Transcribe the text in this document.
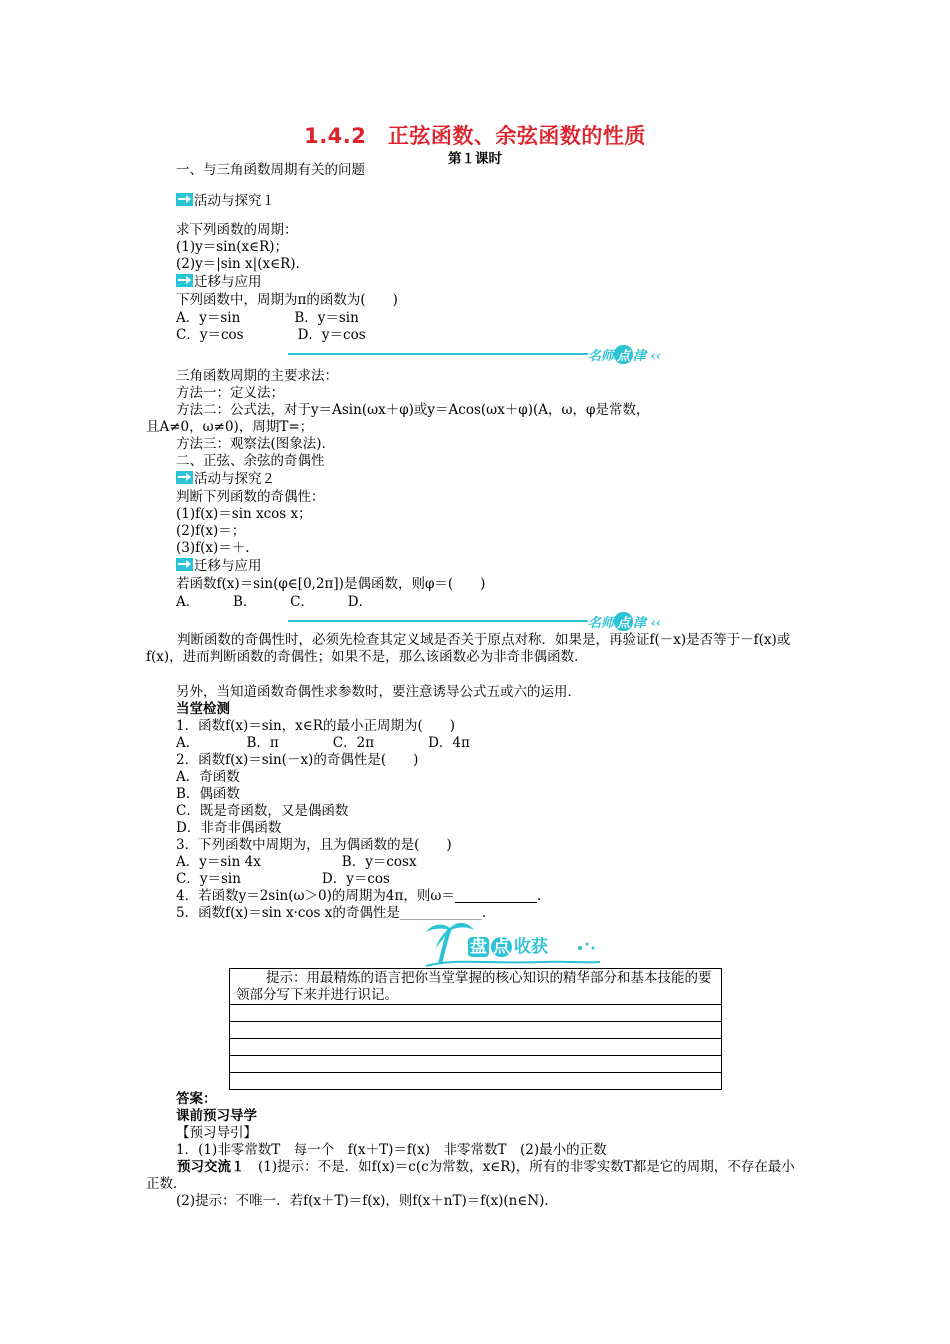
1.4.2　正弦函数、余弦函数的性质
第１课时
一、与三角函数周期有关的问题
活动与探究１
求下列函数的周期：
(1)y＝sin(x∈R)；
(2)y＝|sin x|(x∈R).
迁移与应用
下列函数中，周期为π的函数为(　　)
A．y＝sin　　　　B．y＝sin
C．y＝cos　　　　D．y＝cos
名师 点 津 ‹‹
三角函数周期的主要求法：
方法一：定义法；
方法二：公式法，对于y＝Asin(ωx＋φ)或y＝Acos(ωx＋φ)(A，ω，φ是常数，
且A≠0，ω≠0)，周期T=；
方法三：观察法(图象法).
二、正弦、余弦的奇偶性
活动与探究２
判断下列函数的奇偶性：
(1)f(x)＝sin xcos x；
(2)f(x)＝；
(3)f(x)＝＋.
迁移与应用
若函数f(x)＝sin(φ∈[0,2π])是偶函数，则φ＝(　　)
A．　　　B．　　　C．　　　D．
名师 点 津 ‹‹
判断函数的奇偶性时，必须先检查其定义域是否关于原点对称．如果是，再验证f(－x)是否等于－f(x)或f(x)，进而判断函数的奇偶性；如果不是，那么该函数必为非奇非偶函数．
另外，当知道函数奇偶性求参数时，要注意诱导公式五或六的运用．
当堂检测
1．函数f(x)＝sin，x∈R的最小正周期为(　　)
A．　　　　B．π　　　　C．2π　　　　D．4π
2．函数f(x)＝sin(－x)的奇偶性是(　　)
A．奇函数
B．偶函数
C．既是奇函数，又是偶函数
D．非奇非偶函数
3．下列函数中周期为，且为偶函数的是(　　)
A．y＝sin 4x　　　　　　B．y＝cosx
C．y＝sin　　　　　　D．y＝cos
4．若函数y＝2sin(ω＞0)的周期为4π，则ω＝	.
5．函数f(x)＝sin x·cos x的奇偶性是	.
盘 点 收获
提示：用最精炼的语言把你当堂掌握的核心知识的精华部分和基本技能的要领部分写下来并进行识记。

答案：
课前预习导学
【预习导引】
1．(1)非零常数T　每一个　f(x＋T)＝f(x)　非零常数T　(2)最小的正数
预习交流１　 (1)提示：不是．如f(x)＝c(c为常数，x∈R)，所有的非零实数T都是它的周期，不存在最小正数．
(2)提示：不唯一．若f(x＋T)＝f(x)，则f(x＋nT)＝f(x)(n∈N)．
